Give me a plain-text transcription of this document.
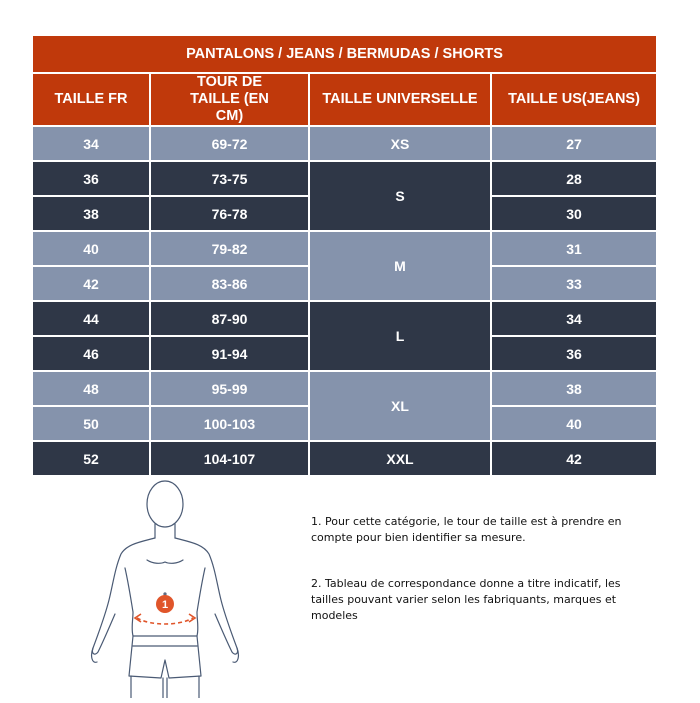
PANTALONS / JEANS / BERMUDAS / SHORTS			
TAILLE FR	TOUR DE TAILLE (EN CM)	TAILLE UNIVERSELLE	TAILLE US(JEANS)
34	69-72	XS	27
36	73-75	S	28
38	76-78		30
40	79-82	M	31
42	83-86		33
44	87-90	L	34
46	91-94		36
48	95-99	XL	38
50	100-103		40
52	104-107	XXL	42
1

1. Pour cette catégorie, le tour de taille est à prendre en compte pour bien identifier sa mesure.

2. Tableau de correspondance donne a titre indicatif, les tailles pouvant varier selon les fabriquants, marques et modeles
